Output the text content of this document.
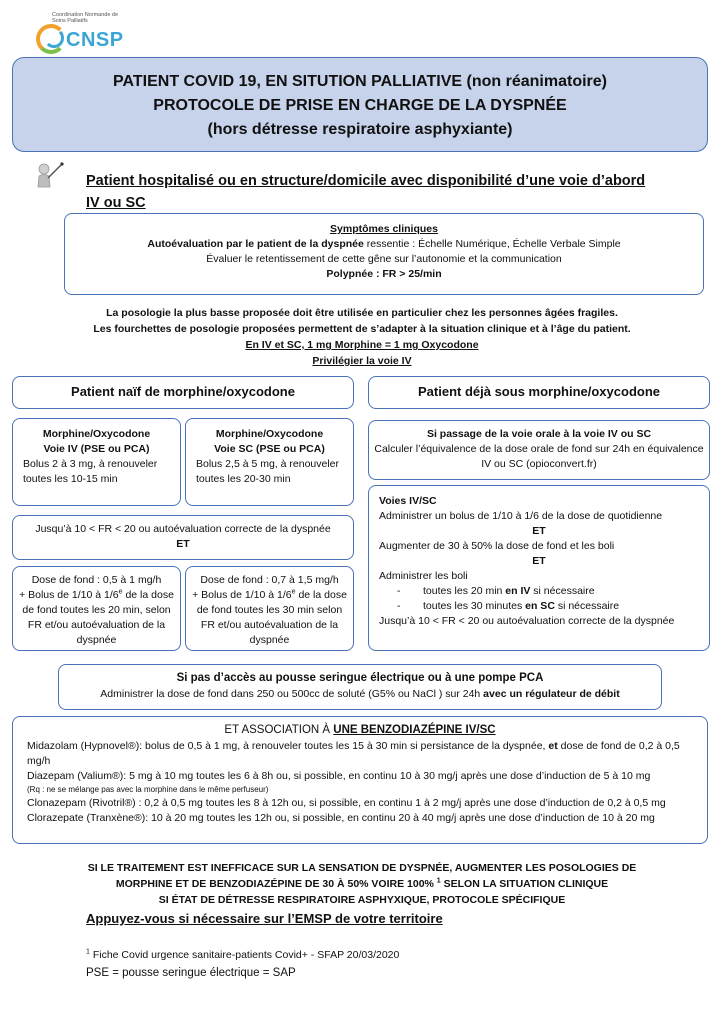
Coordination Normande de Soins Palliatifs
CNSP
PATIENT COVID 19, EN SITUTION PALLIATIVE (non réanimatoire)
PROTOCOLE DE PRISE EN CHARGE DE LA DYSPNÉE
(hors détresse respiratoire asphyxiante)
Patient hospitalisé ou en structure/domicile avec disponibilité d’une voie d’abord IV ou SC
Symptômes cliniques
Autoévaluation par le patient de la dyspnée ressentie : Échelle Numérique, Échelle Verbale Simple
Évaluer le retentissement de cette gêne sur l’autonomie et la communication
Polypnée : FR > 25/min
La posologie la plus basse proposée doit être utilisée en particulier chez les personnes âgées fragiles.
Les fourchettes de posologie proposées permettent de s’adapter à la situation clinique et à l’âge du patient.
En IV et SC, 1 mg Morphine = 1 mg Oxycodone
Privilégier la voie IV
Patient naïf de morphine/oxycodone	Patient déjà sous morphine/oxycodone
Morphine/Oxycodone
Voie IV (PSE ou PCA)
Bolus 2 à 3 mg, à renouveler toutes les 10-15 min
Morphine/Oxycodone
Voie SC (PSE ou PCA)
Bolus 2,5 à 5 mg, à renouveler toutes les 20-30 min
Jusqu’à 10 < FR < 20 ou autoévaluation correcte de la dyspnée
ET
Dose de fond : 0,5 à 1 mg/h
+ Bolus de 1/10 à 1/6e de la dose de fond toutes les 20 min, selon FR et/ou autoévaluation de la dyspnée
Dose de fond : 0,7 à 1,5 mg/h
+ Bolus de 1/10 à 1/6e de la dose de fond toutes les 30 min selon FR et/ou autoévaluation de la dyspnée
Si passage de la voie orale à la voie IV ou SC
Calculer l’équivalence de la dose orale de fond sur 24h en équivalence IV ou SC (opioconvert.fr)
Voies IV/SC
Administrer un bolus de 1/10 à 1/6 de la dose de quotidienne
ET
Augmenter de 30 à 50% la dose de fond et les boli
ET
Administrer les boli
- toutes les 20 min en IV si nécessaire
- toutes les 30 minutes en SC si nécessaire
Jusqu’à 10 < FR < 20 ou autoévaluation correcte de la dyspnée
Si pas d’accès au pousse seringue électrique ou à une pompe PCA
Administrer la dose de fond dans 250 ou 500cc de soluté (G5% ou NaCl ) sur 24h avec un régulateur de débit
ET ASSOCIATION À UNE BENZODIAZÉPINE IV/SC
Midazolam (Hypnovel®): bolus de 0,5 à 1 mg, à renouveler toutes les 15 à 30 min si persistance de la dyspnée, et dose de fond de 0,2 à 0,5 mg/h
Diazepam (Valium®): 5 mg à 10 mg toutes les 6 à 8h ou, si possible, en continu 10 à 30 mg/j après une dose d’induction de 5 à 10 mg
(Rq : ne se mélange pas avec la morphine dans le même perfuseur)
Clonazepam (Rivotril®) : 0,2 à 0,5 mg toutes les 8 à 12h ou, si possible, en continu 1 à 2 mg/j après une dose d’induction de 0,2 à 0,5 mg
Clorazepate (Tranxène®): 10 à 20 mg toutes les 12h ou, si possible, en continu 20 à 40 mg/j après une dose d’induction de 10 à 20 mg
SI LE TRAITEMENT EST INEFFICACE SUR LA SENSATION DE DYSPNÉE, AUGMENTER LES POSOLOGIES DE
MORPHINE ET DE BENZODIAZÉPINE DE 30 À 50% VOIRE 100% $^1$ SELON LA SITUATION CLINIQUE
SI ÉTAT DE DÉTRESSE RESPIRATOIRE ASPHYXIQUE, PROTOCOLE SPÉCIFIQUE
Appuyez-vous si nécessaire sur l’EMSP de votre territoire
$^1$ Fiche Covid urgence sanitaire-patients Covid+ - SFAP 20/03/2020
PSE = pousse seringue électrique = SAP
